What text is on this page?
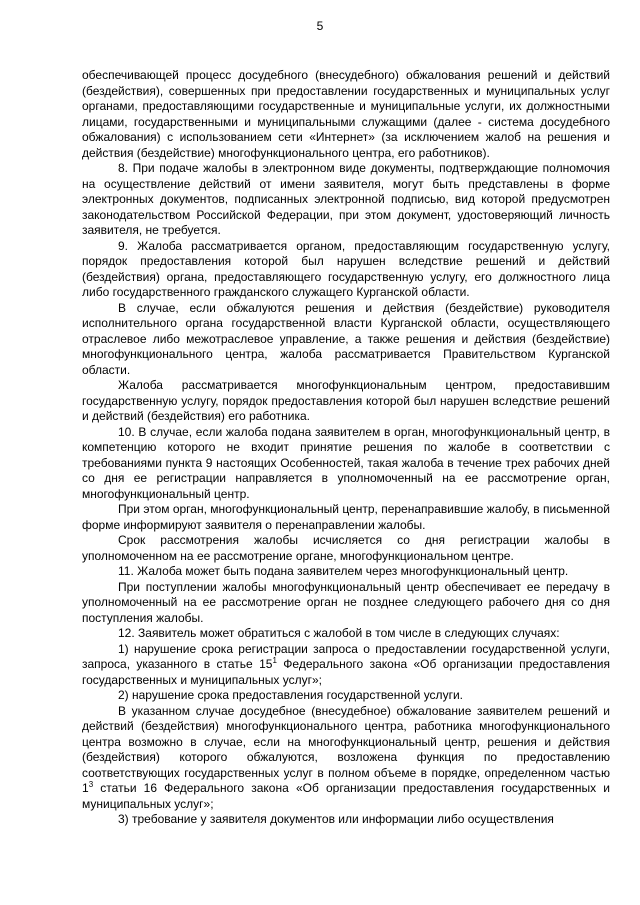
5

обеспечивающей процесс досудебного (внесудебного) обжалования решений и действий (бездействия), совершенных при предоставлении государственных и муниципальных услуг органами, предоставляющими государственные и муниципальные услуги, их должностными лицами, государственными и муниципальными служащими (далее - система досудебного обжалования) с использованием сети «Интернет» (за исключением жалоб на решения и действия (бездействие) многофункционального центра, его работников).

8. При подаче жалобы в электронном виде документы, подтверждающие полномочия на осуществление действий от имени заявителя, могут быть представлены в форме электронных документов, подписанных электронной подписью, вид которой предусмотрен законодательством Российской Федерации, при этом документ, удостоверяющий личность заявителя, не требуется.

9. Жалоба рассматривается органом, предоставляющим государственную услугу, порядок предоставления которой был нарушен вследствие решений и действий (бездействия) органа, предоставляющего государственную услугу, его должностного лица либо государственного гражданского служащего Курганской области.

В случае, если обжалуются решения и действия (бездействие) руководителя исполнительного органа государственной власти Курганской области, осуществляющего отраслевое либо межотраслевое управление, а также решения и действия (бездействие) многофункционального центра, жалоба рассматривается Правительством Курганской области.

Жалоба рассматривается многофункциональным центром, предоставившим государственную услугу, порядок предоставления которой был нарушен вследствие решений и действий (бездействия) его работника.

10. В случае, если жалоба подана заявителем в орган, многофункциональный центр, в компетенцию которого не входит принятие решения по жалобе в соответствии с требованиями пункта 9 настоящих Особенностей, такая жалоба в течение трех рабочих дней со дня ее регистрации направляется в уполномоченный на ее рассмотрение орган, многофункциональный центр.

При этом орган, многофункциональный центр, перенаправившие жалобу, в письменной форме информируют заявителя о перенаправлении жалобы.

Срок рассмотрения жалобы исчисляется со дня регистрации жалобы в уполномоченном на ее рассмотрение органе, многофункциональном центре.

11. Жалоба может быть подана заявителем через многофункциональный центр.

При поступлении жалобы многофункциональный центр обеспечивает ее передачу в уполномоченный на ее рассмотрение орган не позднее следующего рабочего дня со дня поступления жалобы.

12. Заявитель может обратиться с жалобой в том числе в следующих случаях:

1) нарушение срока регистрации запроса о предоставлении государственной услуги, запроса, указанного в статье $15^1$ Федерального закона «Об организации предоставления государственных и муниципальных услуг»;

2) нарушение срока предоставления государственной услуги.

В указанном случае досудебное (внесудебное) обжалование заявителем решений и действий (бездействия) многофункционального центра, работника многофункционального центра возможно в случае, если на многофункциональный центр, решения и действия (бездействия) которого обжалуются, возложена функция по предоставлению соответствующих государственных услуг в полном объеме в порядке, определенном частью $1^3$ статьи 16 Федерального закона «Об организации предоставления государственных и муниципальных услуг»;

3) требование у заявителя документов или информации либо осуществления
